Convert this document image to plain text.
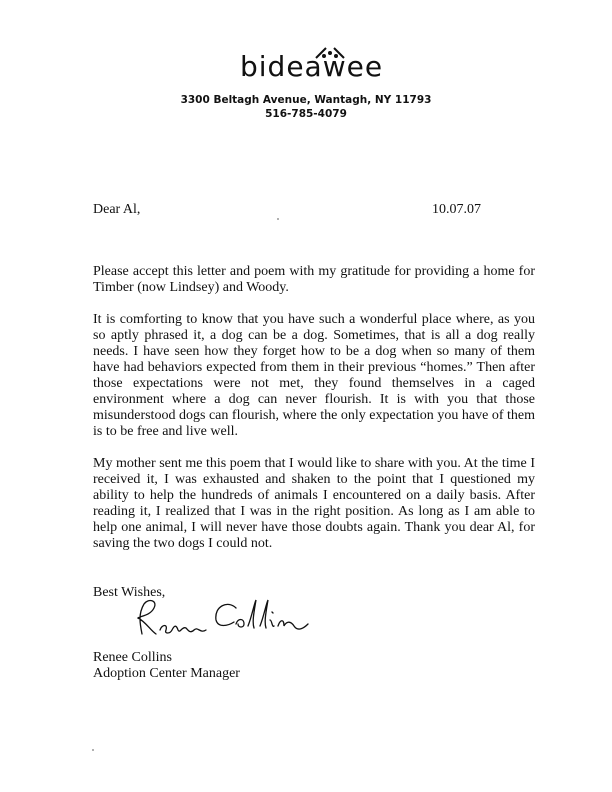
bideawee
3300 Beltagh Avenue, Wantagh, NY 11793
516-785-4079
Dear Al,	10.07.07

Please accept this letter and poem with my gratitude for providing a home for Timber (now Lindsey) and Woody.

It is comforting to know that you have such a wonderful place where, as you so aptly phrased it, a dog can be a dog. Sometimes, that is all a dog really needs. I have seen how they forget how to be a dog when so many of them have had behaviors expected from them in their previous “homes.” Then after those expectations were not met, they found themselves in a caged environment where a dog can never flourish. It is with you that those misunderstood dogs can flourish, where the only expectation you have of them is to be free and live well.

My mother sent me this poem that I would like to share with you. At the time I received it, I was exhausted and shaken to the point that I questioned my ability to help the hundreds of animals I encountered on a daily basis. After reading it, I realized that I was in the right position. As long as I am able to help one animal, I will never have those doubts again. Thank you dear Al, for saving the two dogs I could not.

Best Wishes,
Renee Collins
Adoption Center Manager
